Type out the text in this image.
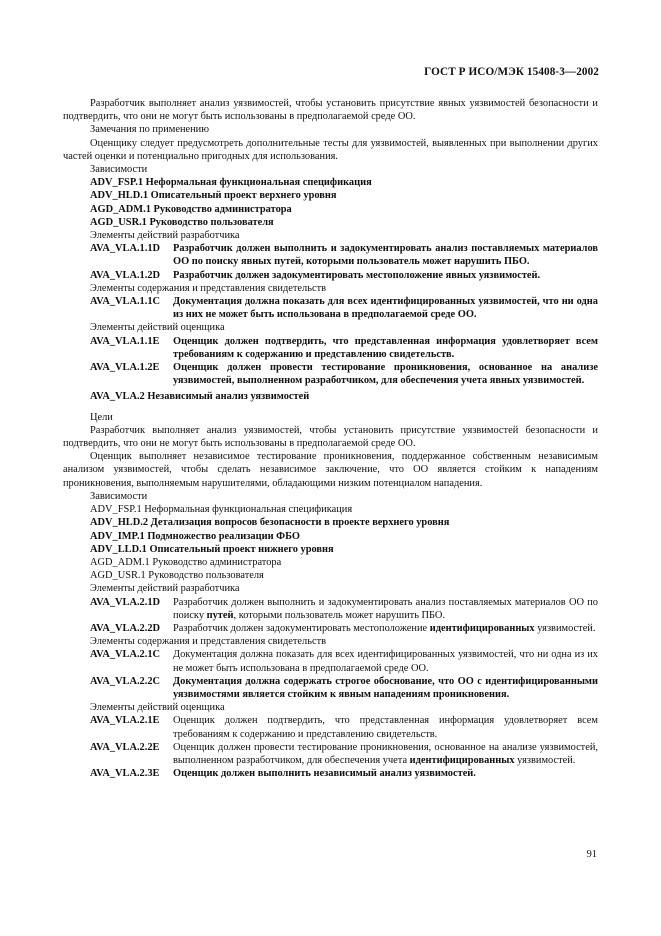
ГОСТ Р ИСО/МЭК 15408-3—2002

Разработчик выполняет анализ уязвимостей, чтобы установить присутствие явных уязвимостей безопасности и подтвердить, что они не могут быть использованы в предполагаемой среде ОО.

Замечания по применению

Оценщику следует предусмотреть дополнительные тесты для уязвимостей, выявленных при выполнении других частей оценки и потенциально пригодных для использования.

Зависимости

ADV_FSP.1 Неформальная функциональная спецификация

ADV_HLD.1 Описательный проект верхнего уровня

AGD_ADM.1 Руководство администратора

AGD_USR.1 Руководство пользователя

Элементы действий разработчика

AVA_VLA.1.1D	Разработчик должен выполнить и задокументировать анализ поставляемых материалов ОО по поиску явных путей, которыми пользователь может нарушить ПБО.
AVA_VLA.1.2D	Разработчик должен задокументировать местоположение явных уязвимостей.

Элементы содержания и представления свидетельств

AVA_VLA.1.1C	Документация должна показать для всех идентифицированных уязвимостей, что ни одна из них не может быть использована в предполагаемой среде ОО.

Элементы действий оценщика

AVA_VLA.1.1E	Оценщик должен подтвердить, что представленная информация удовлетворяет всем требованиям к содержанию и представлению свидетельств.
AVA_VLA.1.2E	Оценщик должен провести тестирование проникновения, основанное на анализе уязвимостей, выполненном разработчиком, для обеспечения учета явных уязвимостей.

AVA_VLA.2 Независимый анализ уязвимостей

Цели

Разработчик выполняет анализ уязвимостей, чтобы установить присутствие уязвимостей безопасности и подтвердить, что они не могут быть использованы в предполагаемой среде ОО.

Оценщик выполняет независимое тестирование проникновения, поддержанное собственным независимым анализом уязвимостей, чтобы сделать независимое заключение, что ОО является стойким к нападениям проникновения, выполняемым нарушителями, обладающими низким потенциалом нападения.

Зависимости

ADV_FSP.1 Неформальная функциональная спецификация

ADV_HLD.2 Детализация вопросов безопасности в проекте верхнего уровня

ADV_IMP.1 Подмножество реализации ФБО

ADV_LLD.1 Описательный проект нижнего уровня

AGD_ADM.1 Руководство администратора

AGD_USR.1 Руководство пользователя

Элементы действий разработчика

AVA_VLA.2.1D	Разработчик должен выполнить и задокументировать анализ поставляемых материалов ОО по поиску путей, которыми пользователь может нарушить ПБО.
AVA_VLA.2.2D	Разработчик должен задокументировать местоположение идентифицированных уязвимостей.

Элементы содержания и представления свидетельств

AVA_VLA.2.1C	Документация должна показать для всех идентифицированных уязвимостей, что ни одна из их не может быть использована в предполагаемой среде ОО.
AVA_VLA.2.2C	Документация должна содержать строгое обоснование, что ОО с идентифицированными уязвимостями является стойким к явным нападениям проникновения.

Элементы действий оценщика

AVA_VLA.2.1E	Оценщик должен подтвердить, что представленная информация удовлетворяет всем требованиям к содержанию и представлению свидетельств.
AVA_VLA.2.2E	Оценщик должен провести тестирование проникновения, основанное на анализе уязвимостей, выполненном разработчиком, для обеспечения учета идентифицированных уязвимостей.
AVA_VLA.2.3E	Оценщик должен выполнить независимый анализ уязвимостей.
91
